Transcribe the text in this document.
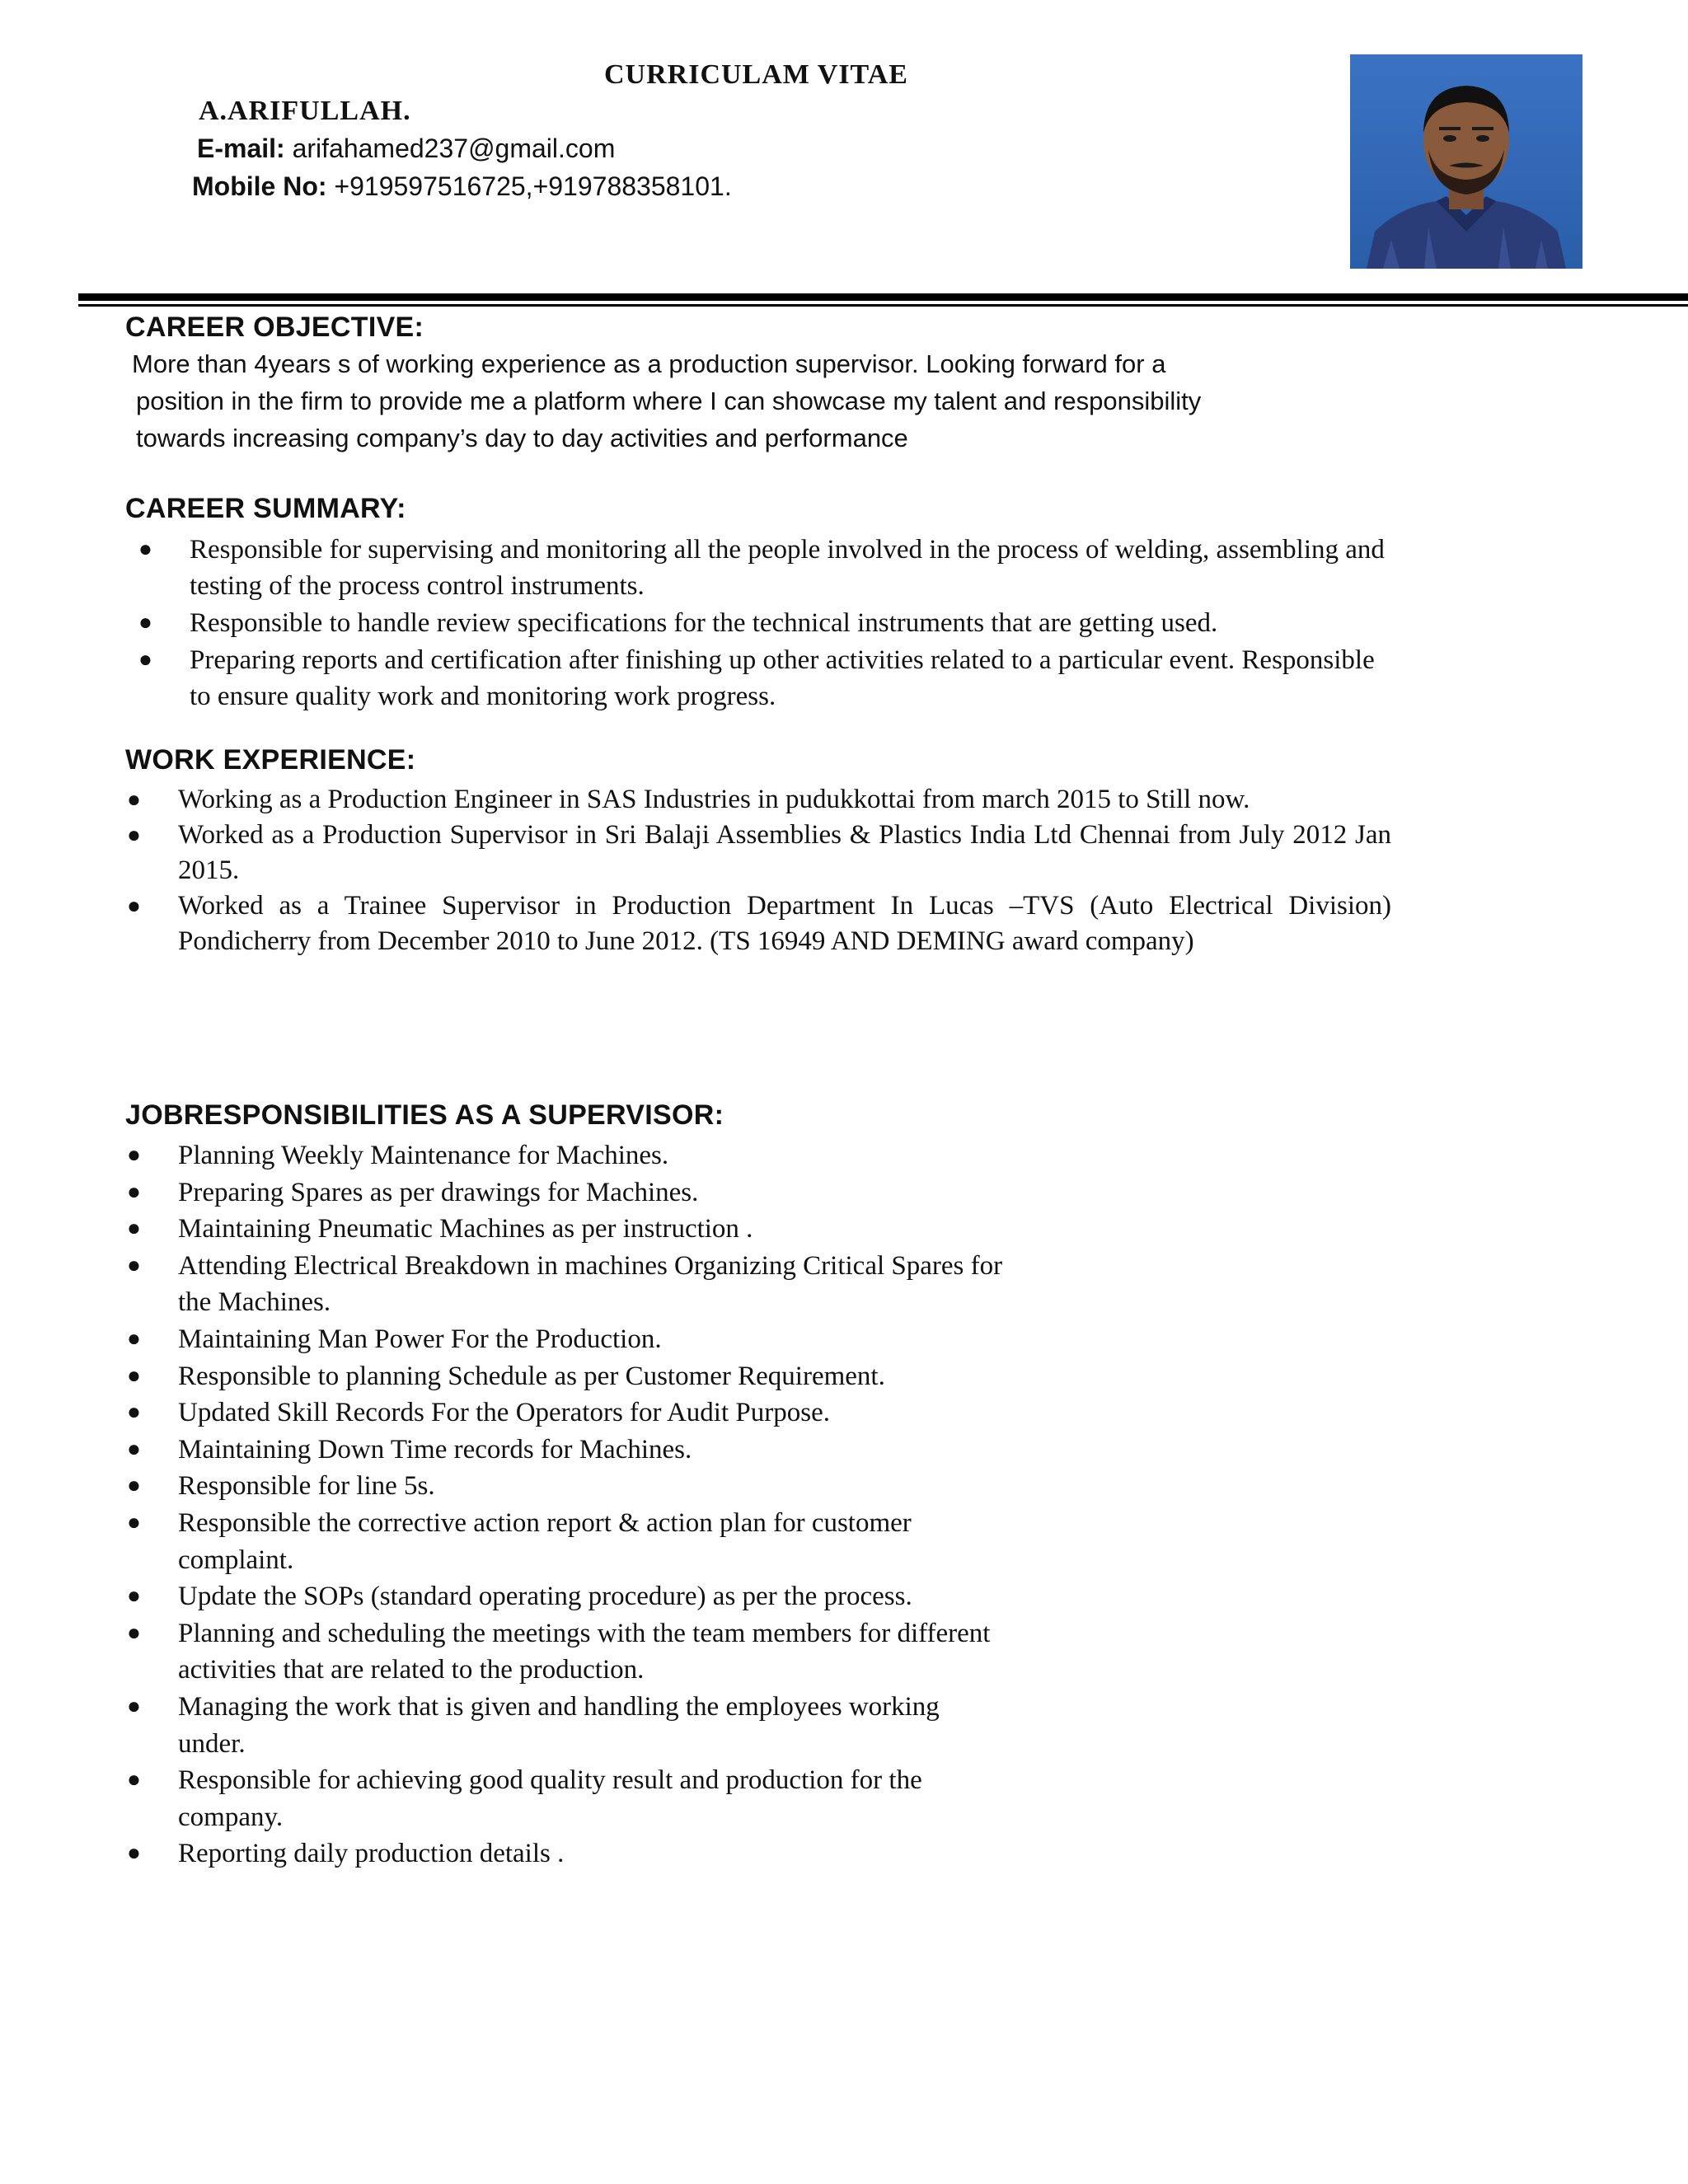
CURRICULAM VITAE
A.ARIFULLAH.
E-mail: arifahamed237@gmail.com
Mobile No: +919597516725,+919788358101.
CAREER OBJECTIVE:
More than 4years s of working experience as a production supervisor. Looking forward for a
position in the firm to provide me a platform where I can showcase my talent and responsibility
towards increasing company’s day to day activities and performance
CAREER SUMMARY:
● Responsible for supervising and monitoring all the people involved in the process of welding, assembling and testing of the process control instruments.
● Responsible to handle review specifications for the technical instruments that are getting used.
● Preparing reports and certification after finishing up other activities related to a particular event. Responsible to ensure quality work and monitoring work progress.
WORK EXPERIENCE:
● Working as a Production Engineer in SAS Industries in pudukkottai from march 2015 to Still now.
● Worked as a Production Supervisor in Sri Balaji Assemblies & Plastics India Ltd Chennai from July 2012 Jan 2015.
● Worked as a Trainee Supervisor in Production Department In Lucas –TVS (Auto Electrical Division) Pondicherry from December 2010 to June 2012. (TS 16949 AND DEMING award company)
JOBRESPONSIBILITIES AS A SUPERVISOR:
● Planning Weekly Maintenance for Machines.
● Preparing Spares as per drawings for Machines.
● Maintaining Pneumatic Machines as per instruction .
● Attending Electrical Breakdown in machines Organizing Critical Spares for the Machines.
● Maintaining Man Power For the Production.
● Responsible to planning Schedule as per Customer Requirement.
● Updated Skill Records For the Operators for Audit Purpose.
● Maintaining Down Time records for Machines.
● Responsible for line 5s.
● Responsible the corrective action report & action plan for customer complaint.
● Update the SOPs (standard operating procedure) as per the process.
● Planning and scheduling the meetings with the team members for different                activities that are related to the production.
● Managing the work that is given and handling the employees working under.
● Responsible for achieving good quality result and production for the company.
● Reporting daily production details .
